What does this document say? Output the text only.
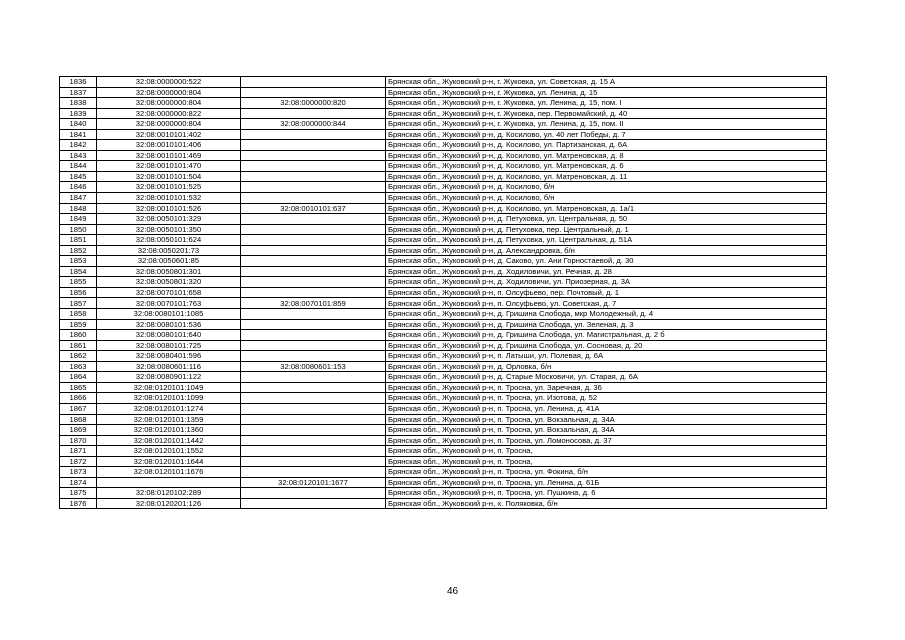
1836	32:08:0000000:522		Брянская обл., Жуковский р-н, г. Жуковка, ул. Советская, д. 15 А
1837	32:08:0000000:804		Брянская обл., Жуковский р-н, г. Жуковка, ул. Ленина, д. 15
1838	32:08:0000000:804	32:08:0000000:820	Брянская обл., Жуковский р-н, г. Жуковка, ул. Ленина, д. 15, пом. I
1839	32:08:0000000:822		Брянская обл., Жуковский р-н, г. Жуковка, пер. Первомайский, д. 40
1840	32:08:0000000:804	32:08:0000000:844	Брянская обл., Жуковский р-н, г. Жуковка, ул. Ленина, д. 15, пом. II
1841	32:08:0010101:402		Брянская обл., Жуковский р-н, д. Косилово, ул. 40 лет Победы, д. 7
1842	32:08:0010101:406		Брянская обл., Жуковский р-н, д. Косилово, ул. Партизанская, д. 6А
1843	32:08:0010101:469		Брянская обл., Жуковский р-н, д. Косилово, ул. Матреновская, д. 8
1844	32:08:0010101:470		Брянская обл., Жуковский р-н, д. Косилово, ул. Матреновская, д. 6
1845	32:08:0010101:504		Брянская обл., Жуковский р-н, д. Косилово, ул. Матреновская, д. 11
1846	32:08:0010101:525		Брянская обл., Жуковский р-н, д. Косилово, б/н
1847	32:08:0010101:532		Брянская обл., Жуковский р-н, д. Косилово, б/н
1848	32:08:0010101:526	32:08:0010101:637	Брянская обл., Жуковский р-н, д. Косилово, ул. Матреновская, д. 1а/1
1849	32:08:0050101:329		Брянская обл., Жуковский р-н, д. Петуховка, ул. Центральная, д. 50
1850	32:08:0050101:350		Брянская обл., Жуковский р-н, д. Петуховка, пер. Центральный, д. 1
1851	32:08:0050101:624		Брянская обл., Жуковский р-н, д. Петуховка, ул. Центральная, д. 51А
1852	32:08:0050201:73		Брянская обл., Жуковский р-н, д. Александровка, б/н
1853	32:08:0050601:85		Брянская обл., Жуковский р-н, д. Саково, ул. Ани Горностаевой, д. 30
1854	32:08:0050801:301		Брянская обл., Жуковский р-н, д. Ходиловичи, ул. Речная, д. 28
1855	32:08:0050801:320		Брянская обл., Жуковский р-н, д. Ходиловичи, ул. Приозерная, д. 3А
1856	32:08:0070101:658		Брянская обл., Жуковский р-н, п. Олсуфьево, пер. Почтовый, д. 1
1857	32:08:0070101:763	32:08:0070101:859	Брянская обл., Жуковский р-н, п. Олсуфьево, ул. Советская, д. 7
1858	32:08:0080101:1085		Брянская обл., Жуковский р-н, д. Гришина Слобода, мкр Молодежный, д. 4
1859	32:08:0080101:536		Брянская обл., Жуковский р-н, д. Гришина Слобода, ул. Зеленая, д. 3
1860	32:08:0080101:640		Брянская обл., Жуковский р-н, д. Гришина Слобода, ул. Магистральная, д. 2 б
1861	32:08:0080101:725		Брянская обл., Жуковский р-н, д. Гришина Слобода, ул. Сосновая, д. 20
1862	32:08:0080401:596		Брянская обл., Жуковский р-н, п. Латыши, ул. Полевая, д. 6А
1863	32:08:0080601:116	32:08:0080601:153	Брянская обл., Жуковский р-н, д. Орловка, б/н
1864	32:08:0080901:122		Брянская обл., Жуковский р-н, д. Старые Московичи, ул. Старая, д. 6А
1865	32:08:0120101:1049		Брянская обл., Жуковский р-н, п. Тросна, ул. Заречная, д. 36
1866	32:08:0120101:1099		Брянская обл., Жуковский р-н, п. Тросна, ул. Изотова, д. 52
1867	32:08:0120101:1274		Брянская обл., Жуковский р-н, п. Тросна, ул. Ленина, д. 41А
1868	32:08:0120101:1359		Брянская обл., Жуковский р-н, п. Тросна, ул. Вокзальная, д. 34А
1869	32:08:0120101:1360		Брянская обл., Жуковский р-н, п. Тросна, ул. Вокзальная, д. 34А
1870	32:08:0120101:1442		Брянская обл., Жуковский р-н, п. Тросна, ул. Ломоносова, д. 37
1871	32:08:0120101:1552		Брянская обл., Жуковский р-н, п. Тросна,
1872	32:08:0120101:1644		Брянская обл., Жуковский р-н, п. Тросна,
1873	32:08:0120101:1676		Брянская обл., Жуковский р-н, п. Тросна, ул. Фокина, б/н
1874		32:08:0120101:1677	Брянская обл., Жуковский р-н, п. Тросна, ул. Ленина, д. 61Б
1875	32:08:0120102:289		Брянская обл., Жуковский р-н, п. Тросна, ул. Пушкина, д. 6
1876	32:08:0120201:126		Брянская обл., Жуковский р-н, х. Поляковка, б/н
46
